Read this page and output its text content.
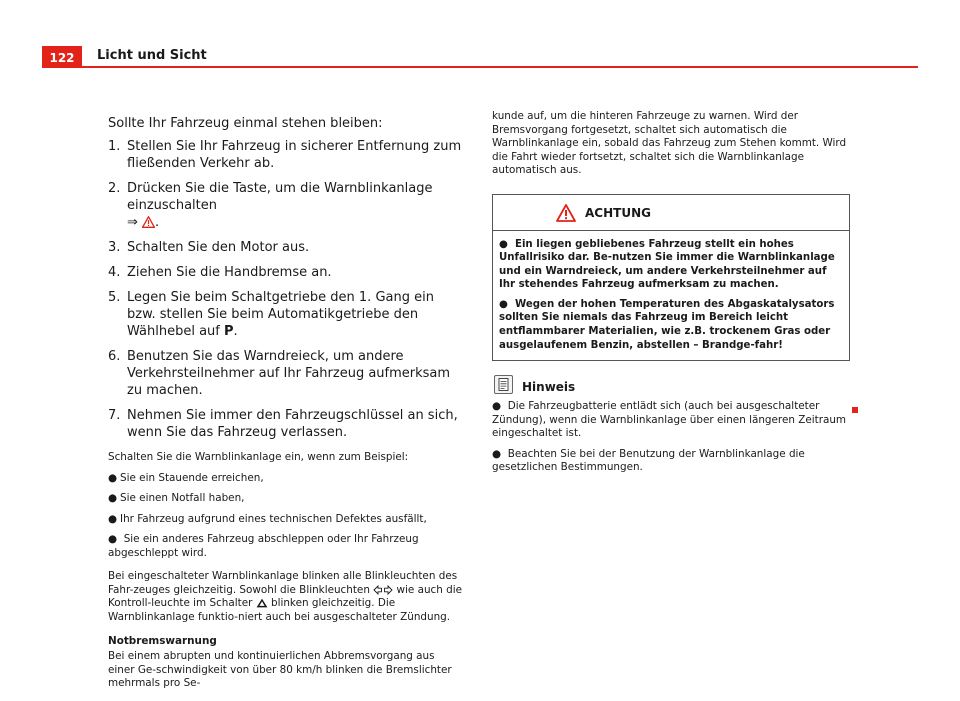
122	Licht und Sicht

Sollte Ihr Fahrzeug einmal stehen bleiben:

1. Stellen Sie Ihr Fahrzeug in sicherer Entfernung zum fließenden Verkehr ab.
2. Drücken Sie die Taste, um die Warnblinkanlage einzuschalten
⇒ .
3. Schalten Sie den Motor aus.
4. Ziehen Sie die Handbremse an.
5. Legen Sie beim Schaltgetriebe den 1. Gang ein bzw. stellen Sie beim Automatikgetriebe den Wählhebel auf P.
6. Benutzen Sie das Warndreieck, um andere Verkehrsteilnehmer auf Ihr Fahrzeug aufmerksam zu machen.
7. Nehmen Sie immer den Fahrzeugschlüssel an sich, wenn Sie das Fahrzeug verlassen.

Schalten Sie die Warnblinkanlage ein, wenn zum Beispiel:

● Sie ein Stauende erreichen,
● Sie einen Notfall haben,
● Ihr Fahrzeug aufgrund eines technischen Defektes ausfällt,
● Sie ein anderes Fahrzeug abschleppen oder Ihr Fahrzeug abgeschleppt wird.

Bei eingeschalteter Warnblinkanlage blinken alle Blinkleuchten des Fahr-zeuges gleichzeitig. Sowohl die Blinkleuchten  wie auch die Kontroll-leuchte im Schalter  blinken gleichzeitig. Die Warnblinkanlage funktio-niert auch bei ausgeschalteter Zündung.

Notbremswarnung

Bei einem abrupten und kontinuierlichen Abbremsvorgang aus einer Ge-schwindigkeit von über 80 km/h blinken die Bremslichter mehrmals pro Se-

kunde auf, um die hinteren Fahrzeuge zu warnen. Wird der Bremsvorgang fortgesetzt, schaltet sich automatisch die Warnblinkanlage ein, sobald das Fahrzeug zum Stehen kommt. Wird die Fahrt wieder fortsetzt, schaltet sich die Warnblinkanlage automatisch aus.

ACHTUNG
● Ein liegen gebliebenes Fahrzeug stellt ein hohes Unfallrisiko dar. Be-nutzen Sie immer die Warnblinkanlage und ein Warndreieck, um andere Verkehrsteilnehmer auf Ihr stehendes Fahrzeug aufmerksam zu machen.
● Wegen der hohen Temperaturen des Abgaskatalysators sollten Sie niemals das Fahrzeug im Bereich leicht entflammbarer Materialien, wie z.B. trockenem Gras oder ausgelaufenem Benzin, abstellen – Brandge-fahr!
Hinweis
● Die Fahrzeugbatterie entlädt sich (auch bei ausgeschalteter Zündung), wenn die Warnblinkanlage über einen längeren Zeitraum eingeschaltet ist.
● Beachten Sie bei der Benutzung der Warnblinkanlage die gesetzlichen Bestimmungen.
